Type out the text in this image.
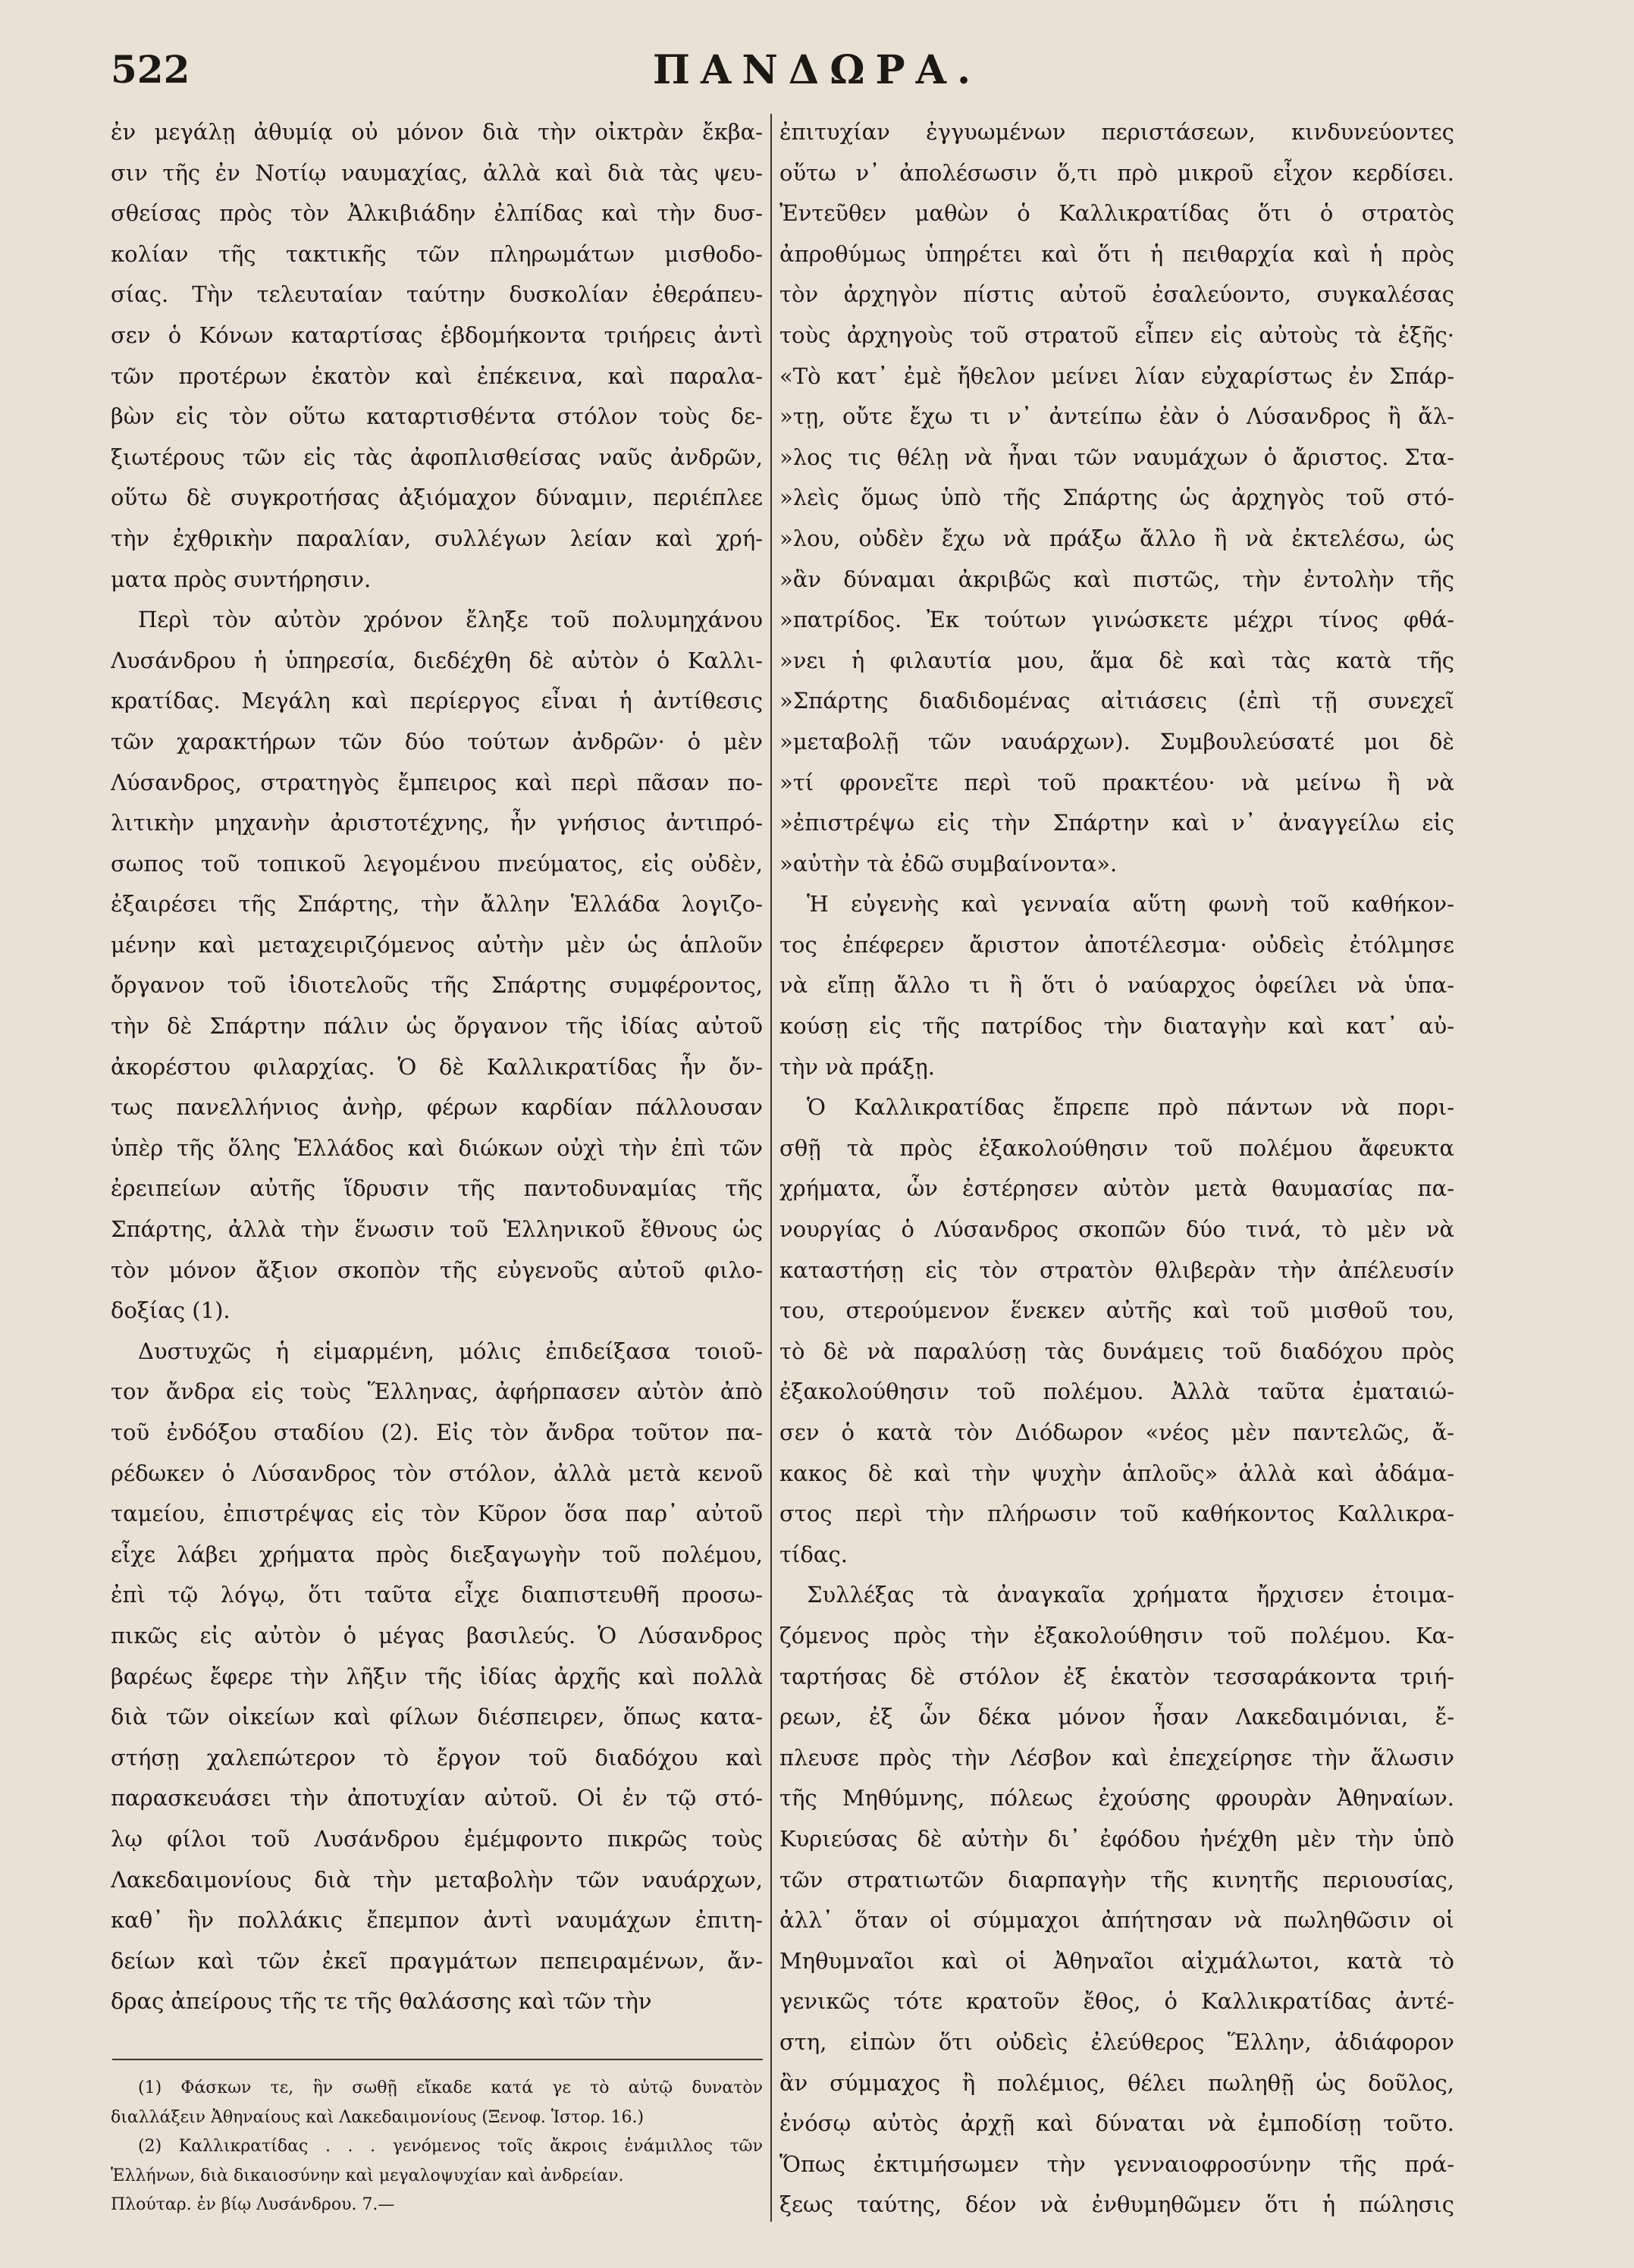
522	ΠΑΝΔΩΡΑ.
ἐν μεγάλῃ ἀθυμίᾳ οὐ μόνον διὰ τὴν οἰκτρὰν ἔκβα-
σιν τῆς ἐν Νοτίῳ ναυμαχίας, ἀλλὰ καὶ διὰ τὰς ψευ-
σθείσας πρὸς τὸν Ἀλκιβιάδην ἐλπίδας καὶ τὴν δυσ-
κολίαν τῆς τακτικῆς τῶν πληρωμάτων μισθοδο-
σίας. Τὴν τελευταίαν ταύτην δυσκολίαν ἐθεράπευ-
σεν ὁ Κόνων καταρτίσας ἑβδομήκοντα τριήρεις ἀντὶ
τῶν προτέρων ἑκατὸν καὶ ἐπέκεινα, καὶ παραλα-
βὼν εἰς τὸν οὕτω καταρτισθέντα στόλον τοὺς δε-
ξιωτέρους τῶν εἰς τὰς ἀφοπλισθείσας ναῦς ἀνδρῶν,
οὕτω δὲ συγκροτήσας ἀξιόμαχον δύναμιν, περιέπλεε
τὴν ἐχθρικὴν παραλίαν, συλλέγων λείαν καὶ χρή-
ματα πρὸς συντήρησιν.
Περὶ τὸν αὐτὸν χρόνον ἔληξε τοῦ πολυμηχάνου
Λυσάνδρου ἡ ὑπηρεσία, διεδέχθη δὲ αὐτὸν ὁ Καλλι-
κρατίδας. Μεγάλη καὶ περίεργος εἶναι ἡ ἀντίθεσις
τῶν χαρακτήρων τῶν δύο τούτων ἀνδρῶν· ὁ μὲν
Λύσανδρος, στρατηγὸς ἔμπειρος καὶ περὶ πᾶσαν πο-
λιτικὴν μηχανὴν ἀριστοτέχνης, ἦν γνήσιος ἀντιπρό-
σωπος τοῦ τοπικοῦ λεγομένου πνεύματος, εἰς οὐδὲν,
ἐξαιρέσει τῆς Σπάρτης, τὴν ἄλλην Ἑλλάδα λογιζο-
μένην καὶ μεταχειριζόμενος αὐτὴν μὲν ὡς ἁπλοῦν
ὄργανον τοῦ ἰδιοτελοῦς τῆς Σπάρτης συμφέροντος,
τὴν δὲ Σπάρτην πάλιν ὡς ὄργανον τῆς ἰδίας αὐτοῦ
ἀκορέστου φιλαρχίας. Ὁ δὲ Καλλικρατίδας ἦν ὄν-
τως πανελλήνιος ἀνὴρ, φέρων καρδίαν πάλλουσαν
ὑπὲρ τῆς ὅλης Ἑλλάδος καὶ διώκων οὐχὶ τὴν ἐπὶ τῶν
ἐρειπείων αὐτῆς ἵδρυσιν τῆς παντοδυναμίας τῆς
Σπάρτης, ἀλλὰ τὴν ἕνωσιν τοῦ Ἑλληνικοῦ ἔθνους ὡς
τὸν μόνον ἄξιον σκοπὸν τῆς εὐγενοῦς αὐτοῦ φιλο-
δοξίας (1).
Δυστυχῶς ἡ εἱμαρμένη, μόλις ἐπιδείξασα τοιοῦ-
τον ἄνδρα εἰς τοὺς Ἕλληνας, ἀφήρπασεν αὐτὸν ἀπὸ
τοῦ ἐνδόξου σταδίου (2). Εἰς τὸν ἄνδρα τοῦτον πα-
ρέδωκεν ὁ Λύσανδρος τὸν στόλον, ἀλλὰ μετὰ κενοῦ
ταμείου, ἐπιστρέψας εἰς τὸν Κῦρον ὅσα παρ᾽ αὐτοῦ
εἶχε λάβει χρήματα πρὸς διεξαγωγὴν τοῦ πολέμου,
ἐπὶ τῷ λόγῳ, ὅτι ταῦτα εἶχε διαπιστευθῆ προσω-
πικῶς εἰς αὐτὸν ὁ μέγας βασιλεύς. Ὁ Λύσανδρος
βαρέως ἔφερε τὴν λῆξιν τῆς ἰδίας ἀρχῆς καὶ πολλὰ
διὰ τῶν οἰκείων καὶ φίλων διέσπειρεν, ὅπως κατα-
στήσῃ χαλεπώτερον τὸ ἔργον τοῦ διαδόχου καὶ
παρασκευάσει τὴν ἀποτυχίαν αὐτοῦ. Οἱ ἐν τῷ στό-
λῳ φίλοι τοῦ Λυσάνδρου ἐμέμφοντο πικρῶς τοὺς
Λακεδαιμονίους διὰ τὴν μεταβολὴν τῶν ναυάρχων,
καθ᾽ ἣν πολλάκις ἔπεμπον ἀντὶ ναυμάχων ἐπιτη-
δείων καὶ τῶν ἐκεῖ πραγμάτων πεπειραμένων, ἄν-
δρας ἀπείρους τῆς τε τῆς θαλάσσης καὶ τῶν τὴν
ἐπιτυχίαν ἐγγυωμένων περιστάσεων, κινδυνεύοντες
οὕτω ν᾽ ἀπολέσωσιν ὅ,τι πρὸ μικροῦ εἶχον κερδίσει.
Ἐντεῦθεν μαθὼν ὁ Καλλικρατίδας ὅτι ὁ στρατὸς
ἀπροθύμως ὑπηρέτει καὶ ὅτι ἡ πειθαρχία καὶ ἡ πρὸς
τὸν ἀρχηγὸν πίστις αὐτοῦ ἐσαλεύοντο, συγκαλέσας
τοὺς ἀρχηγοὺς τοῦ στρατοῦ εἶπεν εἰς αὐτοὺς τὰ ἑξῆς·
«Τὸ κατ᾽ ἐμὲ ἤθελον μείνει λίαν εὐχαρίστως ἐν Σπάρ-
»τῃ, οὔτε ἔχω τι ν᾽ ἀντείπω ἐὰν ὁ Λύσανδρος ἢ ἄλ-
»λος τις θέλῃ νὰ ἦναι τῶν ναυμάχων ὁ ἄριστος. Στα-
»λεὶς ὅμως ὑπὸ τῆς Σπάρτης ὡς ἀρχηγὸς τοῦ στό-
»λου, οὐδὲν ἔχω νὰ πράξω ἄλλο ἢ νὰ ἐκτελέσω, ὡς
»ἂν δύναμαι ἀκριβῶς καὶ πιστῶς, τὴν ἐντολὴν τῆς
»πατρίδος. Ἐκ τούτων γινώσκετε μέχρι τίνος φθά-
»νει ἡ φιλαυτία μου, ἅμα δὲ καὶ τὰς κατὰ τῆς
»Σπάρτης διαδιδομένας αἰτιάσεις (ἐπὶ τῇ συνεχεῖ
»μεταβολῇ τῶν ναυάρχων). Συμβουλεύσατέ μοι δὲ
»τί φρονεῖτε περὶ τοῦ πρακτέου· νὰ μείνω ἢ νὰ
»ἐπιστρέψω εἰς τὴν Σπάρτην καὶ ν᾽ ἀναγγείλω εἰς
»αὐτὴν τὰ ἐδῶ συμβαίνοντα».
Ἡ εὐγενὴς καὶ γενναία αὕτη φωνὴ τοῦ καθήκον-
τος ἐπέφερεν ἄριστον ἀποτέλεσμα· οὐδεὶς ἐτόλμησε
νὰ εἴπῃ ἄλλο τι ἢ ὅτι ὁ ναύαρχος ὀφείλει νὰ ὑπα-
κούσῃ εἰς τῆς πατρίδος τὴν διαταγὴν καὶ κατ᾽ αὐ-
τὴν νὰ πράξῃ.
Ὁ Καλλικρατίδας ἔπρεπε πρὸ πάντων νὰ πορι-
σθῇ τὰ πρὸς ἐξακολούθησιν τοῦ πολέμου ἄφευκτα
χρήματα, ὧν ἐστέρησεν αὐτὸν μετὰ θαυμασίας πα-
νουργίας ὁ Λύσανδρος σκοπῶν δύο τινά, τὸ μὲν νὰ
καταστήσῃ εἰς τὸν στρατὸν θλιβερὰν τὴν ἀπέλευσίν
του, στερούμενον ἕνεκεν αὐτῆς καὶ τοῦ μισθοῦ του,
τὸ δὲ νὰ παραλύσῃ τὰς δυνάμεις τοῦ διαδόχου πρὸς
ἐξακολούθησιν τοῦ πολέμου. Ἀλλὰ ταῦτα ἐματαιώ-
σεν ὁ κατὰ τὸν Διόδωρον «νέος μὲν παντελῶς, ἄ-
κακος δὲ καὶ τὴν ψυχὴν ἁπλοῦς» ἀλλὰ καὶ ἀδάμα-
στος περὶ τὴν πλήρωσιν τοῦ καθήκοντος Καλλικρα-
τίδας.
Συλλέξας τὰ ἀναγκαῖα χρήματα ἤρχισεν ἑτοιμα-
ζόμενος πρὸς τὴν ἐξακολούθησιν τοῦ πολέμου. Κα-
ταρτήσας δὲ στόλον ἐξ ἑκατὸν τεσσαράκοντα τριή-
ρεων, ἐξ ὧν δέκα μόνον ἦσαν Λακεδαιμόνιαι, ἔ-
πλευσε πρὸς τὴν Λέσβον καὶ ἐπεχείρησε τὴν ἅλωσιν
τῆς Μηθύμνης, πόλεως ἐχούσης φρουρὰν Ἀθηναίων.
Κυριεύσας δὲ αὐτὴν δι᾽ ἐφόδου ἠνέχθη μὲν τὴν ὑπὸ
τῶν στρατιωτῶν διαρπαγὴν τῆς κινητῆς περιουσίας,
ἀλλ᾽ ὅταν οἱ σύμμαχοι ἀπήτησαν νὰ πωληθῶσιν οἱ
Μηθυμναῖοι καὶ οἱ Ἀθηναῖοι αἰχμάλωτοι, κατὰ τὸ
γενικῶς τότε κρατοῦν ἔθος, ὁ Καλλικρατίδας ἀντέ-
στη, εἰπὼν ὅτι οὐδεὶς ἐλεύθερος Ἕλλην, ἀδιάφορον
ἂν σύμμαχος ἢ πολέμιος, θέλει πωληθῇ ὡς δοῦλος,
ἐνόσῳ αὐτὸς ἀρχῇ καὶ δύναται νὰ ἐμποδίσῃ τοῦτο.
Ὅπως ἐκτιμήσωμεν τὴν γενναιοφροσύνην τῆς πρά-
ξεως ταύτης, δέον νὰ ἐνθυμηθῶμεν ὅτι ἡ πώλησις
(1) Φάσκων τε, ἣν σωθῇ εἴκαδε κατά γε τὸ αὐτῷ δυνατὸν
διαλλάξειν Ἀθηναίους καὶ Λακεδαιμονίους (Ξενοφ. Ἱστορ. 16.)
(2) Καλλικρατίδας . . . γενόμενος τοῖς ἄκροις ἐνάμιλλος τῶν
Ἑλλήνων, διὰ δικαιοσύνην καὶ μεγαλοψυχίαν καὶ ἀνδρείαν.
Πλούταρ. ἐν βίῳ Λυσάνδρου. 7.—
